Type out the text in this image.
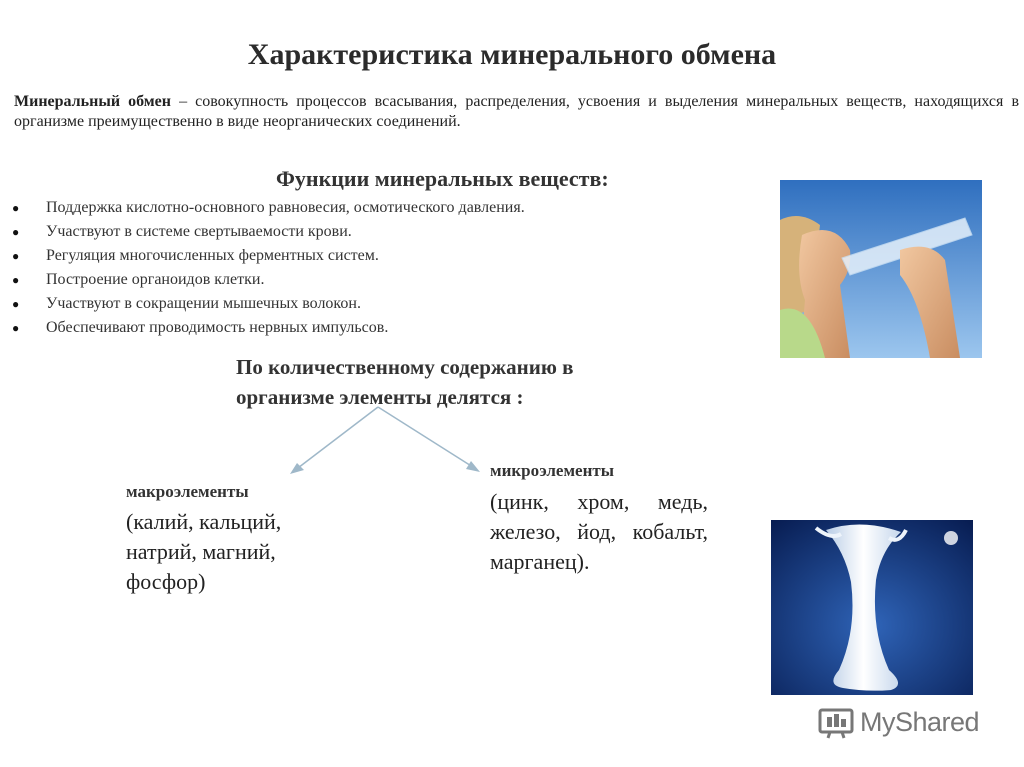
Характеристика минерального обмена
Минеральный обмен – совокупность процессов всасывания, распределения, усвоения и выделения минеральных веществ, находящихся в организме преимущественно в виде неорганических соединений.
Функции минеральных веществ:
● Поддержка кислотно-основного равновесия, осмотического давления.
● Участвуют в системе свертываемости крови.
● Регуляция многочисленных ферментных систем.
● Построение органоидов клетки.
● Участвуют в сокращении мышечных волокон.
● Обеспечивают проводимость нервных импульсов.
По количественному содержанию в организме элементы делятся :
макроэлементы
(калий, кальций, натрий, магний, фосфор)
микроэлементы
(цинк, хром, медь, железо, йод, кобальт, марганец).
MyShared
